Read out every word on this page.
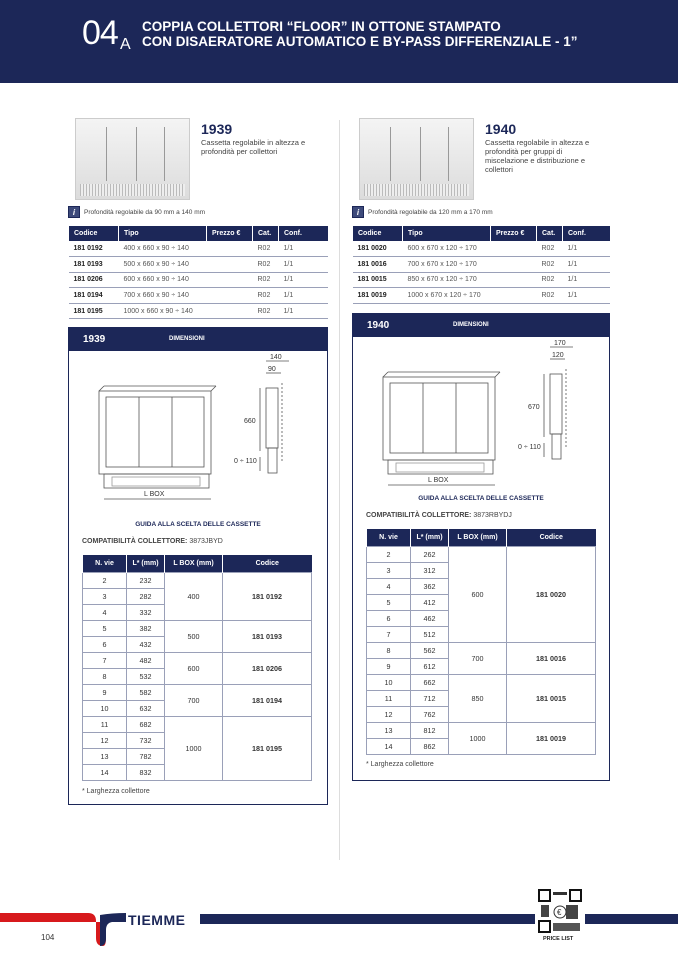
04 A
COPPIA COLLETTORI “FLOOR” IN OTTONE STAMPATO
CON DISAERATORE AUTOMATICO E BY-PASS DIFFERENZIALE - 1”
1939
Cassetta regolabile in altezza e profondità per collettori
i	Profondità regolabile da 90 mm a 140 mm
Codice	Tipo	Prezzo €	Cat.	Conf.
181 0192	400 x 660 x 90 ÷ 140		R02	1/1
181 0193	500 x 660 x 90 ÷ 140		R02	1/1
181 0206	600 x 660 x 90 ÷ 140		R02	1/1
181 0194	700 x 660 x 90 ÷ 140		R02	1/1
181 0195	1000 x 660 x 90 ÷ 140		R02	1/1
1939	DIMENSIONI
140
90
660
0 ÷ 110
L BOX
GUIDA ALLA SCELTA DELLE CASSETTE
COMPATIBILITÀ COLLETTORE: 3873JBYD
N. vie	L* (mm)	L BOX (mm)	Codice
2	232	400	181 0192
3	282		
4	332		
5	382	500	181 0193
6	432		
7	482	600	181 0206
8	532		
9	582	700	181 0194
10	632		
11	682	1000	181 0195
12	732		
13	782		
14	832		
* Larghezza collettore
1940
Cassetta regolabile in altezza e profondità per gruppi di miscelazione e distribuzione e collettori
i	Profondità regolabile da 120 mm a 170 mm
Codice	Tipo	Prezzo €	Cat.	Conf.
181 0020	600 x 670 x 120 ÷ 170		R02	1/1
181 0016	700 x 670 x 120 ÷ 170		R02	1/1
181 0015	850 x 670 x 120 ÷ 170		R02	1/1
181 0019	1000 x 670 x 120 ÷ 170		R02	1/1
1940	DIMENSIONI
170
120
670
0 ÷ 110
L BOX
GUIDA ALLA SCELTA DELLE CASSETTE
COMPATIBILITÀ COLLETTORE: 3873RBYDJ
N. vie	L* (mm)	L BOX (mm)	Codice
2	262	600	181 0020
3	312		
4	362		
5	412		
6	462		
7	512		
8	562	700	181 0016
9	612		
10	662	850	181 0015
11	712		
12	762		
13	812	1000	181 0019
14	862		
* Larghezza collettore
€
TIEMME
104	PRICE LIST
